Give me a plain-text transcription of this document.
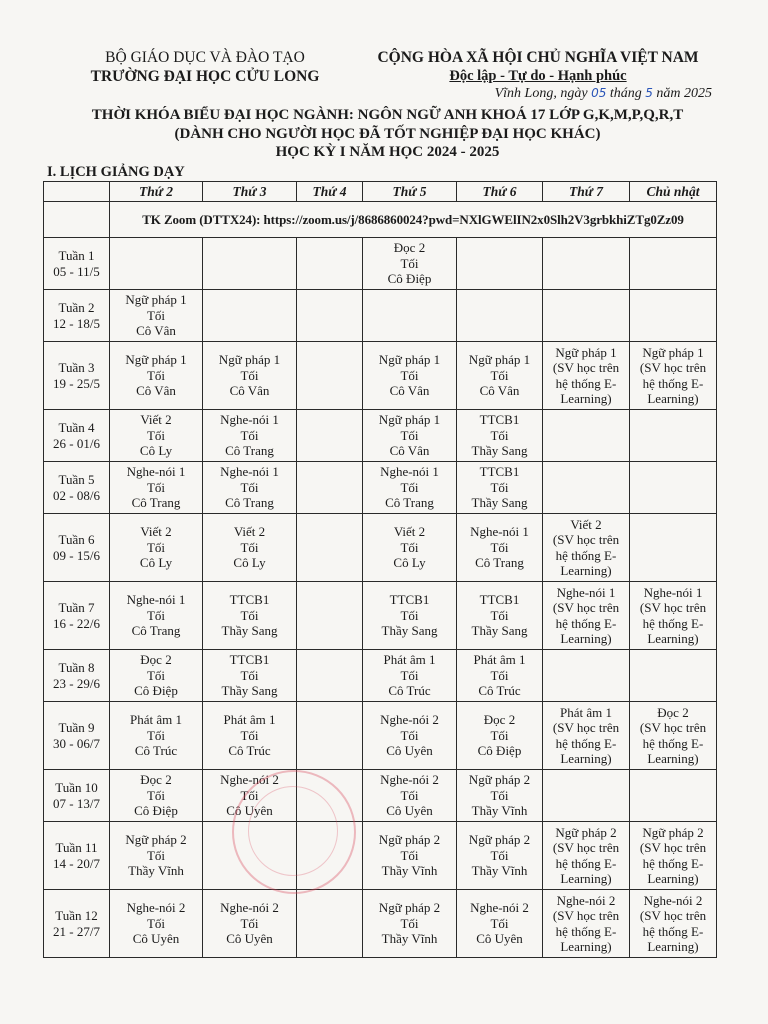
BỘ GIÁO DỤC VÀ ĐÀO TẠO
TRƯỜNG ĐẠI HỌC CỬU LONG
CỘNG HÒA XÃ HỘI CHỦ NGHĨA VIỆT NAM
Độc lập - Tự do - Hạnh phúc
Vĩnh Long, ngày 05 tháng 5 năm 2025
THỜI KHÓA BIỂU ĐẠI HỌC NGÀNH: NGÔN NGỮ ANH KHOÁ 17 LỚP G,K,M,P,Q,R,T
(DÀNH CHO NGƯỜI HỌC ĐÃ TỐT NGHIỆP ĐẠI HỌC KHÁC)
HỌC KỲ I NĂM HỌC 2024 - 2025
I. LỊCH GIẢNG DẠY
	Thứ 2	Thứ 3	Thứ 4	Thứ 5	Thứ 6	Thứ 7	Chủ nhật
	TK Zoom (DTTX24): https://zoom.us/j/8686860024?pwd=NXlGWElIN2x0Slh2V3grbkhiZTg0Zz09						

Tuần 1
05 - 11/5				Đọc 2
Tối
Cô Điệp			

Tuần 2
12 - 18/5	Ngữ pháp 1
Tối
Cô Vân						

Tuần 3
19 - 25/5	Ngữ pháp 1
Tối
Cô Vân	Ngữ pháp 1
Tối
Cô Vân		Ngữ pháp 1
Tối
Cô Vân	Ngữ pháp 1
Tối
Cô Vân	Ngữ pháp 1
(SV học trên
hệ thống E-
Learning)	Ngữ pháp 1
(SV học trên
hệ thống E-
Learning)

Tuần 4
26 - 01/6	Viết 2
Tối
Cô Ly	Nghe-nói 1
Tối
Cô Trang		Ngữ pháp 1
Tối
Cô Vân	TTCB1
Tối
Thầy Sang		

Tuần 5
02 - 08/6	Nghe-nói 1
Tối
Cô Trang	Nghe-nói 1
Tối
Cô Trang		Nghe-nói 1
Tối
Cô Trang	TTCB1
Tối
Thầy Sang		

Tuần 6
09 - 15/6	Viết 2
Tối
Cô Ly	Viết 2
Tối
Cô Ly		Viết 2
Tối
Cô Ly	Nghe-nói 1
Tối
Cô Trang	Viết 2
(SV học trên
hệ thống E-
Learning)	

Tuần 7
16 - 22/6	Nghe-nói 1
Tối
Cô Trang	TTCB1
Tối
Thầy Sang		TTCB1
Tối
Thầy Sang	TTCB1
Tối
Thầy Sang	Nghe-nói 1
(SV học trên
hệ thống E-
Learning)	Nghe-nói 1
(SV học trên
hệ thống E-
Learning)

Tuần 8
23 - 29/6	Đọc 2
Tối
Cô Điệp	TTCB1
Tối
Thầy Sang		Phát âm 1
Tối
Cô Trúc	Phát âm 1
Tối
Cô Trúc		

Tuần 9
30 - 06/7	Phát âm 1
Tối
Cô Trúc	Phát âm 1
Tối
Cô Trúc		Nghe-nói 2
Tối
Cô Uyên	Đọc 2
Tối
Cô Điệp	Phát âm 1
(SV học trên
hệ thống E-
Learning)	Đọc 2
(SV học trên
hệ thống E-
Learning)

Tuần 10
07 - 13/7	Đọc 2
Tối
Cô Điệp	Nghe-nói 2
Tối
Cô Uyên		Nghe-nói 2
Tối
Cô Uyên	Ngữ pháp 2
Tối
Thầy Vĩnh		

Tuần 11
14 - 20/7	Ngữ pháp 2
Tối
Thầy Vĩnh			Ngữ pháp 2
Tối
Thầy Vĩnh	Ngữ pháp 2
Tối
Thầy Vĩnh	Ngữ pháp 2
(SV học trên
hệ thống E-
Learning)	Ngữ pháp 2
(SV học trên
hệ thống E-
Learning)

Tuần 12
21 - 27/7	Nghe-nói 2
Tối
Cô Uyên	Nghe-nói 2
Tối
Cô Uyên		Ngữ pháp 2
Tối
Thầy Vĩnh	Nghe-nói 2
Tối
Cô Uyên	Nghe-nói 2
(SV học trên
hệ thống E-
Learning)	Nghe-nói 2
(SV học trên
hệ thống E-
Learning)
